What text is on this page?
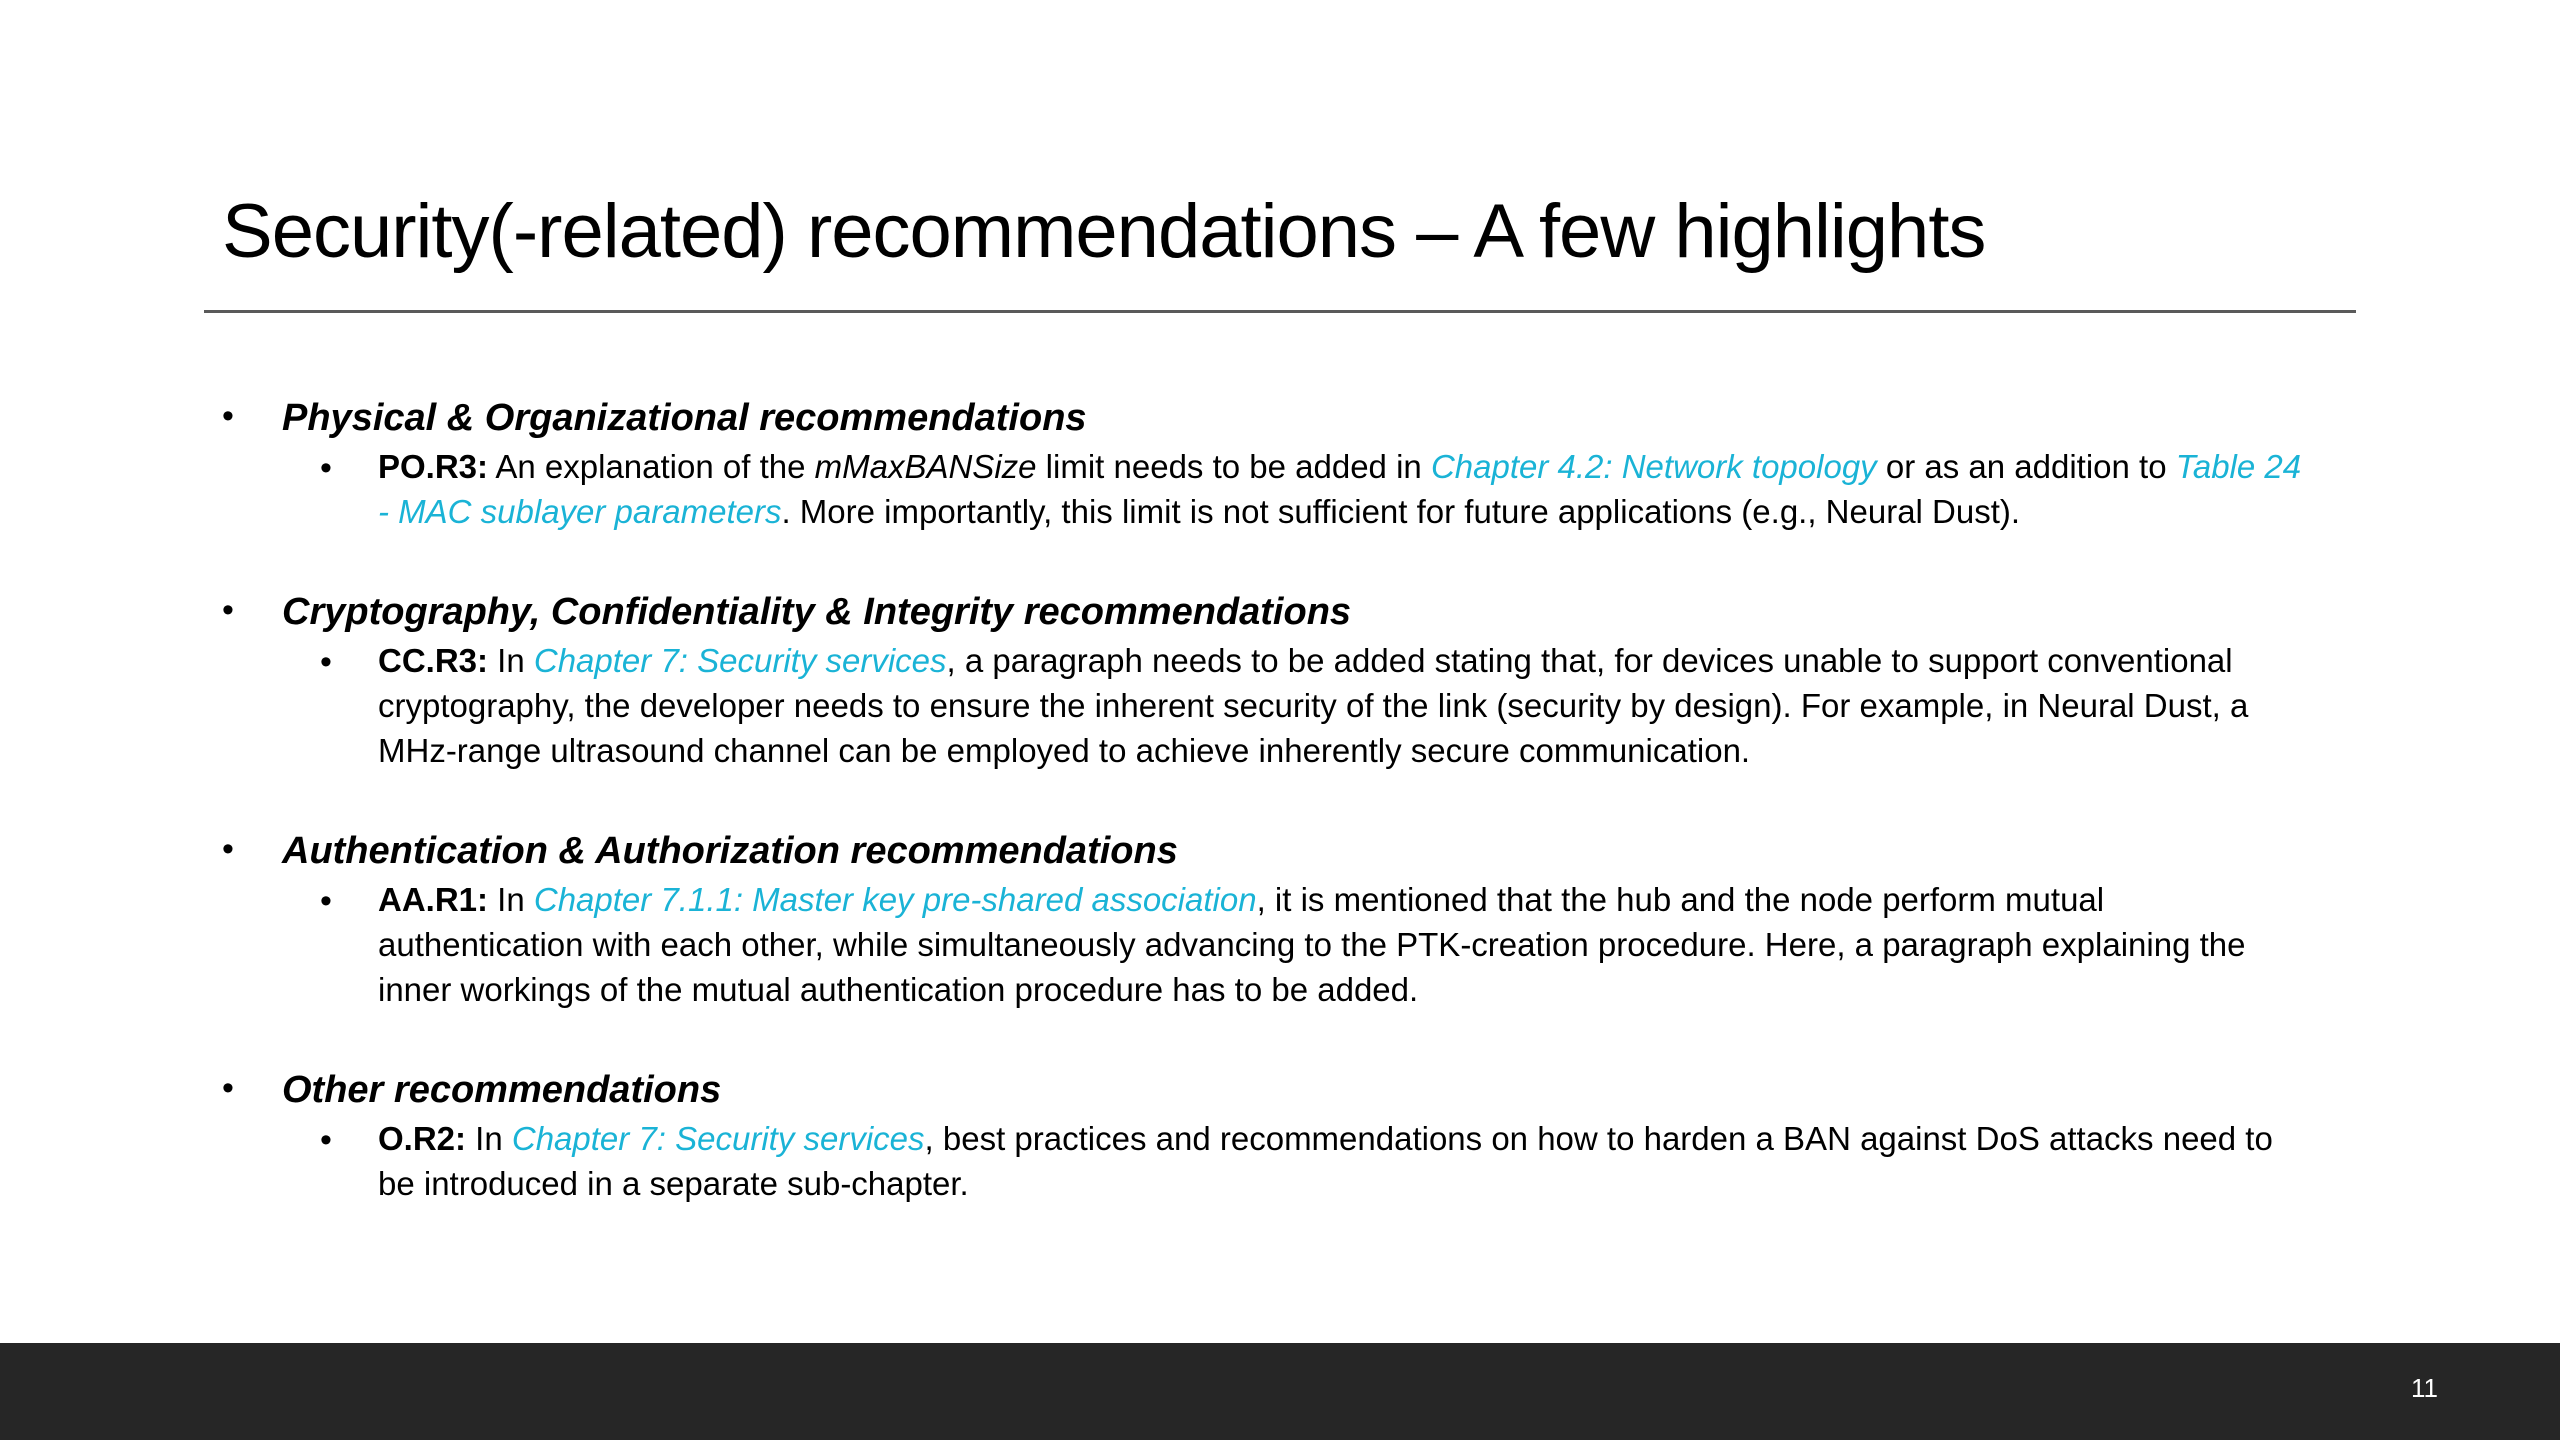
Security(-related) recommendations – A few highlights
• Physical & Organizational recommendations
• PO.R3: An explanation of the mMaxBANSize limit needs to be added in Chapter 4.2: Network topology or as an addition to Table 24 - MAC sublayer parameters. More importantly, this limit is not sufficient for future applications (e.g., Neural Dust).
• Cryptography, Confidentiality & Integrity recommendations
• CC.R3: In Chapter 7: Security services, a paragraph needs to be added stating that, for devices unable to support conventional cryptography, the developer needs to ensure the inherent security of the link (security by design). For example, in Neural Dust, a MHz-range ultrasound channel can be employed to achieve inherently secure communication.
• Authentication & Authorization recommendations
• AA.R1: In Chapter 7.1.1: Master key pre-shared association, it is mentioned that the hub and the node perform mutual authentication with each other, while simultaneously advancing to the PTK-creation procedure. Here, a paragraph explaining the inner workings of the mutual authentication procedure has to be added.
• Other recommendations
• O.R2: In Chapter 7: Security services, best practices and recommendations on how to harden a BAN against DoS attacks need to be introduced in a separate sub-chapter.
11
